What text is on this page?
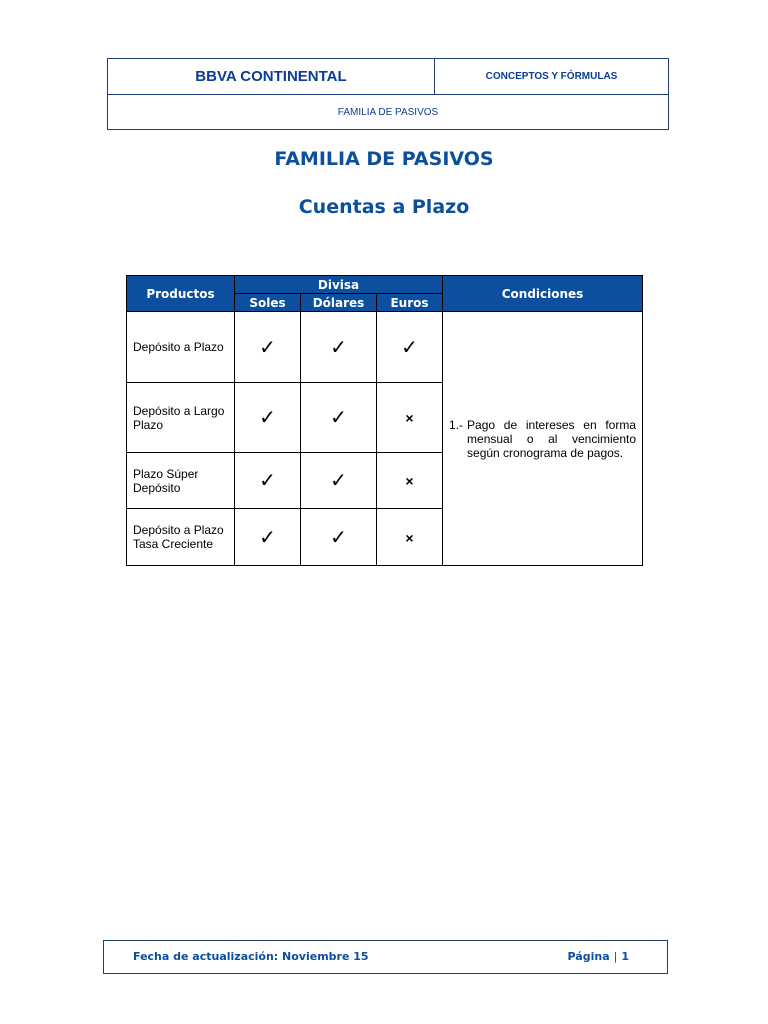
BBVA CONTINENTAL	CONCEPTOS Y FÓRMULAS
FAMILIA DE PASIVOS
FAMILIA DE PASIVOS
Cuentas a Plazo
Productos	Divisa			Condiciones
	Soles	Dólares	Euros	
Depósito a Plazo	✓	✓	✓	1.- Pago de intereses en forma mensual o al vencimiento según cronograma de pagos.

Depósito a Largo Plazo	✓	✓	×	
Plazo Súper Depósito	✓	✓	×	
Depósito a Plazo Tasa Creciente	✓	✓	×	
Fecha de actualización: Noviembre 15	Página | 1
